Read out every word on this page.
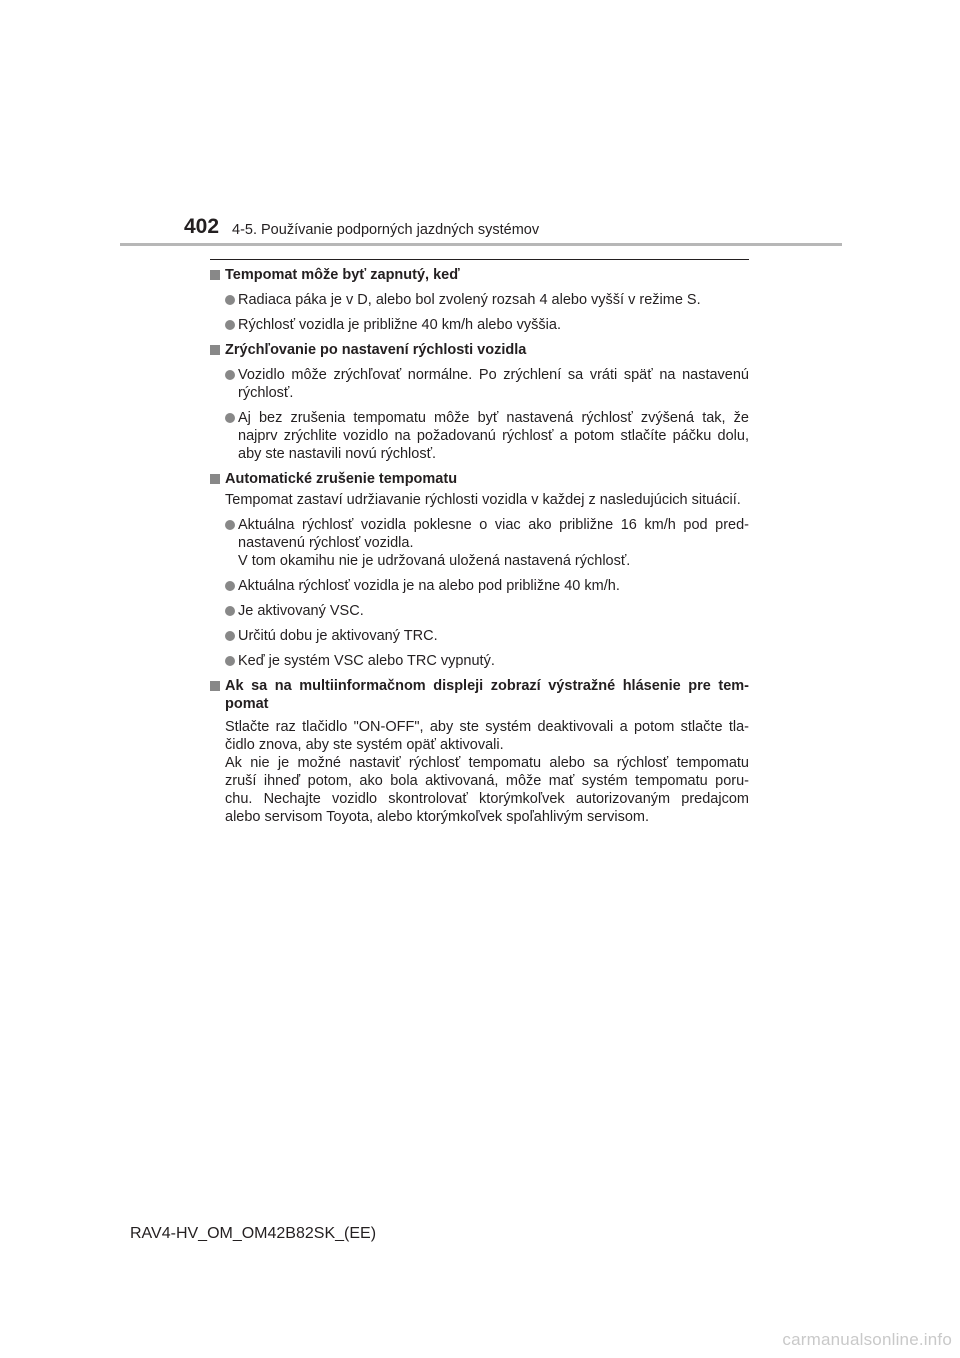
402 4-5. Používanie podporných jazdných systémov
Tempomat môže byť zapnutý, keď
Radiaca páka je v D, alebo bol zvolený rozsah 4 alebo vyšší v režime S.
Rýchlosť vozidla je približne 40 km/h alebo vyššia.
Zrýchľovanie po nastavení rýchlosti vozidla
Vozidlo môže zrýchľovať normálne. Po zrýchlení sa vráti späť na nastavenú
rýchlosť.
Aj bez zrušenia tempomatu môže byť nastavená rýchlosť zvýšená tak, že
najprv zrýchlite vozidlo na požadovanú rýchlosť a potom stlačíte páčku dolu,
aby ste nastavili novú rýchlosť.
Automatické zrušenie tempomatu
Tempomat zastaví udržiavanie rýchlosti vozidla v každej z nasledujúcich situácií.
Aktuálna rýchlosť vozidla poklesne o viac ako približne 16 km/h pod pred-
nastavenú rýchlosť vozidla.
V tom okamihu nie je udržovaná uložená nastavená rýchlosť.
Aktuálna rýchlosť vozidla je na alebo pod približne 40 km/h.
Je aktivovaný VSC.
Určitú dobu je aktivovaný TRC.
Keď je systém VSC alebo TRC vypnutý.
Ak sa na multiinformačnom displeji zobrazí výstražné hlásenie pre tem-
pomat
Stlačte raz tlačidlo "ON-OFF", aby ste systém deaktivovali a potom stlačte tla-
čidlo znova, aby ste systém opäť aktivovali.
Ak nie je možné nastaviť rýchlosť tempomatu alebo sa rýchlosť tempomatu
zruší ihneď potom, ako bola aktivovaná, môže mať systém tempomatu poru-
chu. Nechajte vozidlo skontrolovať ktorýmkoľvek autorizovaným predajcom
alebo servisom Toyota, alebo ktorýmkoľvek spoľahlivým servisom.
RAV4-HV_OM_OM42B82SK_(EE)
carmanualsonline.info
